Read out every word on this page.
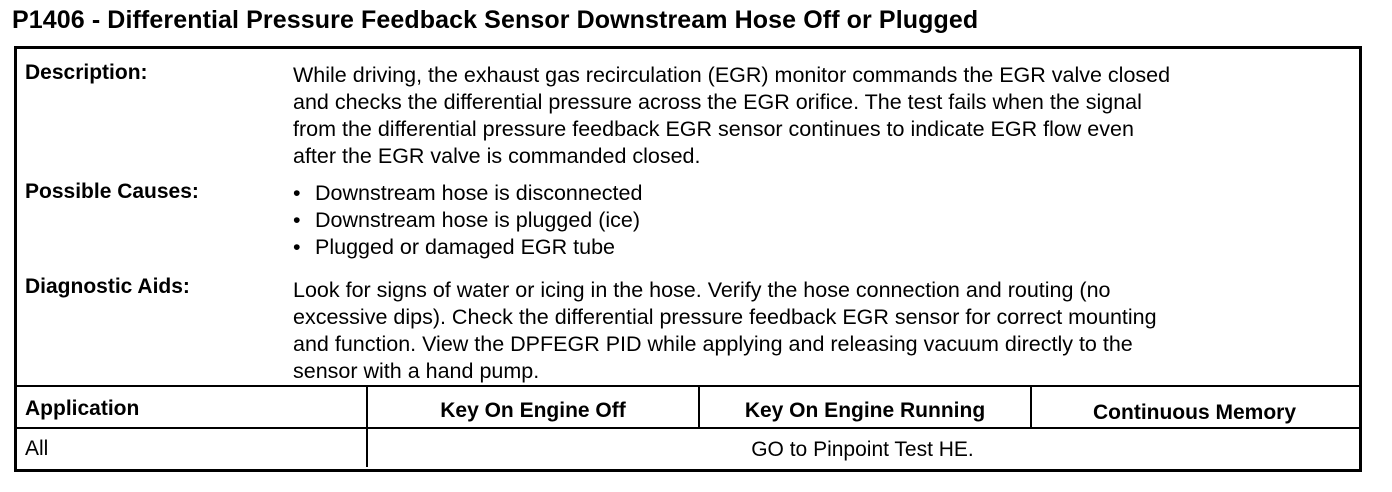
P1406 - Differential Pressure Feedback Sensor Downstream Hose Off or Plugged
Description:	While driving, the exhaust gas recirculation (EGR) monitor commands the EGR valve closed
and checks the differential pressure across the EGR orifice. The test fails when the signal
from the differential pressure feedback EGR sensor continues to indicate EGR flow even
after the EGR valve is commanded closed.
Possible Causes:
•	Downstream hose is disconnected
• Downstream hose is plugged (ice)
• Plugged or damaged EGR tube
Diagnostic Aids:	Look for signs of water or icing in the hose. Verify the hose connection and routing (no
excessive dips). Check the differential pressure feedback EGR sensor for correct mounting
and function. View the DPFEGR PID while applying and releasing vacuum directly to the
sensor with a hand pump.
Application	Key On Engine Off	Key On Engine Running	Continuous Memory
All	GO to Pinpoint Test HE.
